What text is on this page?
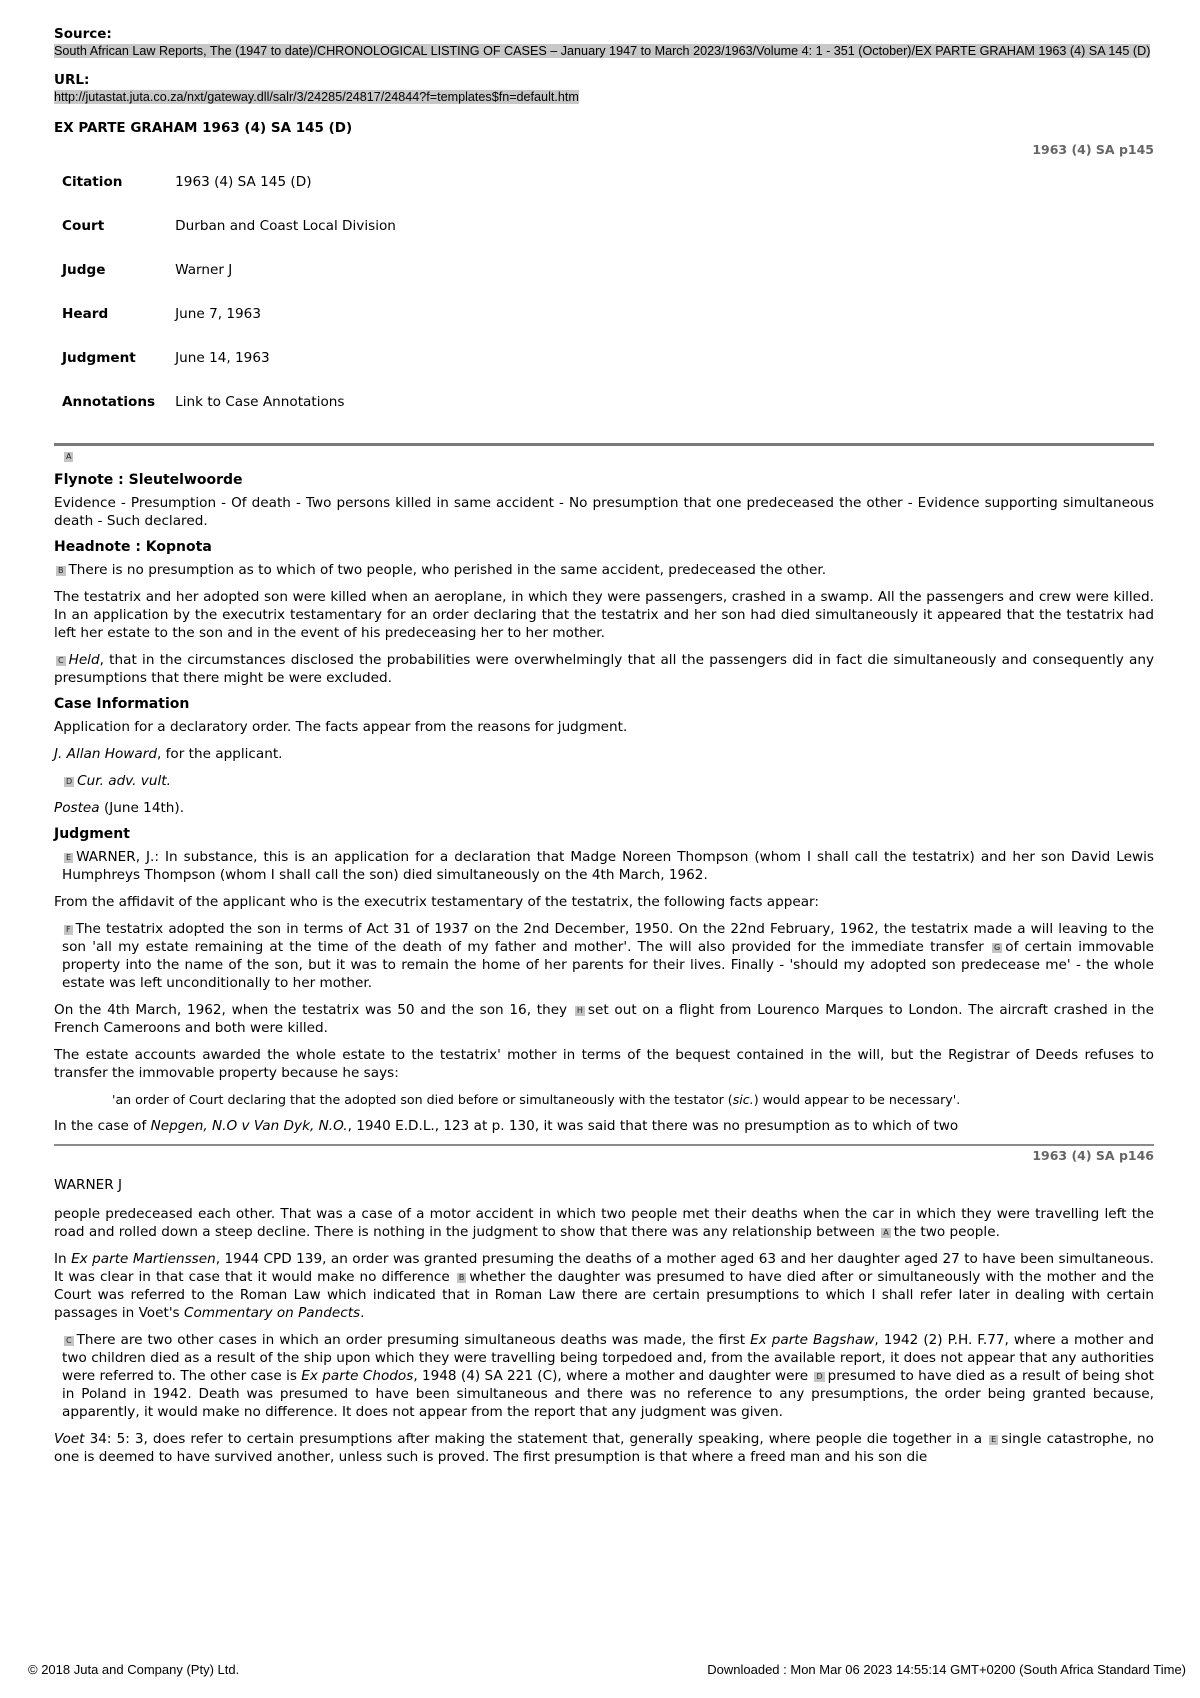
Source:
South African Law Reports, The (1947 to date)/CHRONOLOGICAL LISTING OF CASES – January 1947 to March 2023/1963/Volume 4: 1 - 351 (October)/EX PARTE GRAHAM 1963 (4) SA 145 (D)
URL:
http://jutastat.juta.co.za/nxt/gateway.dll/salr/3/24285/24817/24844?f=templates$fn=default.htm
EX PARTE GRAHAM 1963 (4) SA 145 (D)
1963 (4) SA p145
Citation	1963 (4) SA 145 (D)
Court	Durban and Coast Local Division
Judge	Warner J
Heard	June 7, 1963
Judgment	June 14, 1963
Annotations	Link to Case Annotations
A
Flynote : Sleutelwoorde

Evidence - Presumption - Of death - Two persons killed in same accident - No presumption that one predeceased the other - Evidence supporting simultaneous death - Such declared.

Headnote : Kopnota

B There is no presumption as to which of two people, who perished in the same accident, predeceased the other.

The testatrix and her adopted son were killed when an aeroplane, in which they were passengers, crashed in a swamp. All the passengers and crew were killed. In an application by the executrix testamentary for an order declaring that the testatrix and her son had died simultaneously it appeared that the testatrix had left her estate to the son and in the event of his predeceasing her to her mother.

C Held, that in the circumstances disclosed the probabilities were overwhelmingly that all the passengers did in fact die simultaneously and consequently any presumptions that there might be were excluded.

Case Information

Application for a declaratory order. The facts appear from the reasons for judgment.

J. Allan Howard, for the applicant.

D Cur. adv. vult.

Postea (June 14th).

Judgment

E WARNER, J.: In substance, this is an application for a declaration that Madge Noreen Thompson (whom I shall call the testatrix) and her son David Lewis Humphreys Thompson (whom I shall call the son) died simultaneously on the 4th March, 1962.

From the affidavit of the applicant who is the executrix testamentary of the testatrix, the following facts appear:

F The testatrix adopted the son in terms of Act 31 of 1937 on the 2nd December, 1950. On the 22nd February, 1962, the testatrix made a will leaving to the son 'all my estate remaining at the time of the death of my father and mother'. The will also provided for the immediate transfer G of certain immovable property into the name of the son, but it was to remain the home of her parents for their lives. Finally - 'should my adopted son predecease me' - the whole estate was left unconditionally to her mother.

On the 4th March, 1962, when the testatrix was 50 and the son 16, they H set out on a flight from Lourenco Marques to London. The aircraft crashed in the French Cameroons and both were killed.

The estate accounts awarded the whole estate to the testatrix' mother in terms of the bequest contained in the will, but the Registrar of Deeds refuses to transfer the immovable property because he says:

'an order of Court declaring that the adopted son died before or simultaneously with the testator (sic.) would appear to be necessary'.

In the case of Nepgen, N.O v Van Dyk, N.O., 1940 E.D.L., 123 at p. 130, it was said that there was no presumption as to which of two

1963 (4) SA p146
WARNER J

people predeceased each other. That was a case of a motor accident in which two people met their deaths when the car in which they were travelling left the road and rolled down a steep decline. There is nothing in the judgment to show that there was any relationship between A the two people.

In Ex parte Martienssen, 1944 CPD 139, an order was granted presuming the deaths of a mother aged 63 and her daughter aged 27 to have been simultaneous. It was clear in that case that it would make no difference B whether the daughter was presumed to have died after or simultaneously with the mother and the Court was referred to the Roman Law which indicated that in Roman Law there are certain presumptions to which I shall refer later in dealing with certain passages in Voet's Commentary on Pandects.

C There are two other cases in which an order presuming simultaneous deaths was made, the first Ex parte Bagshaw, 1942 (2) P.H. F.77, where a mother and two children died as a result of the ship upon which they were travelling being torpedoed and, from the available report, it does not appear that any authorities were referred to. The other case is Ex parte Chodos, 1948 (4) SA 221 (C), where a mother and daughter were D presumed to have died as a result of being shot in Poland in 1942. Death was presumed to have been simultaneous and there was no reference to any presumptions, the order being granted because, apparently, it would make no difference. It does not appear from the report that any judgment was given.

Voet 34: 5: 3, does refer to certain presumptions after making the statement that, generally speaking, where people die together in a E single catastrophe, no one is deemed to have survived another, unless such is proved. The first presumption is that where a freed man and his son die

© 2018 Juta and Company (Pty) Ltd.	Downloaded : Mon Mar 06 2023 14:55:14 GMT+0200 (South Africa Standard Time)
